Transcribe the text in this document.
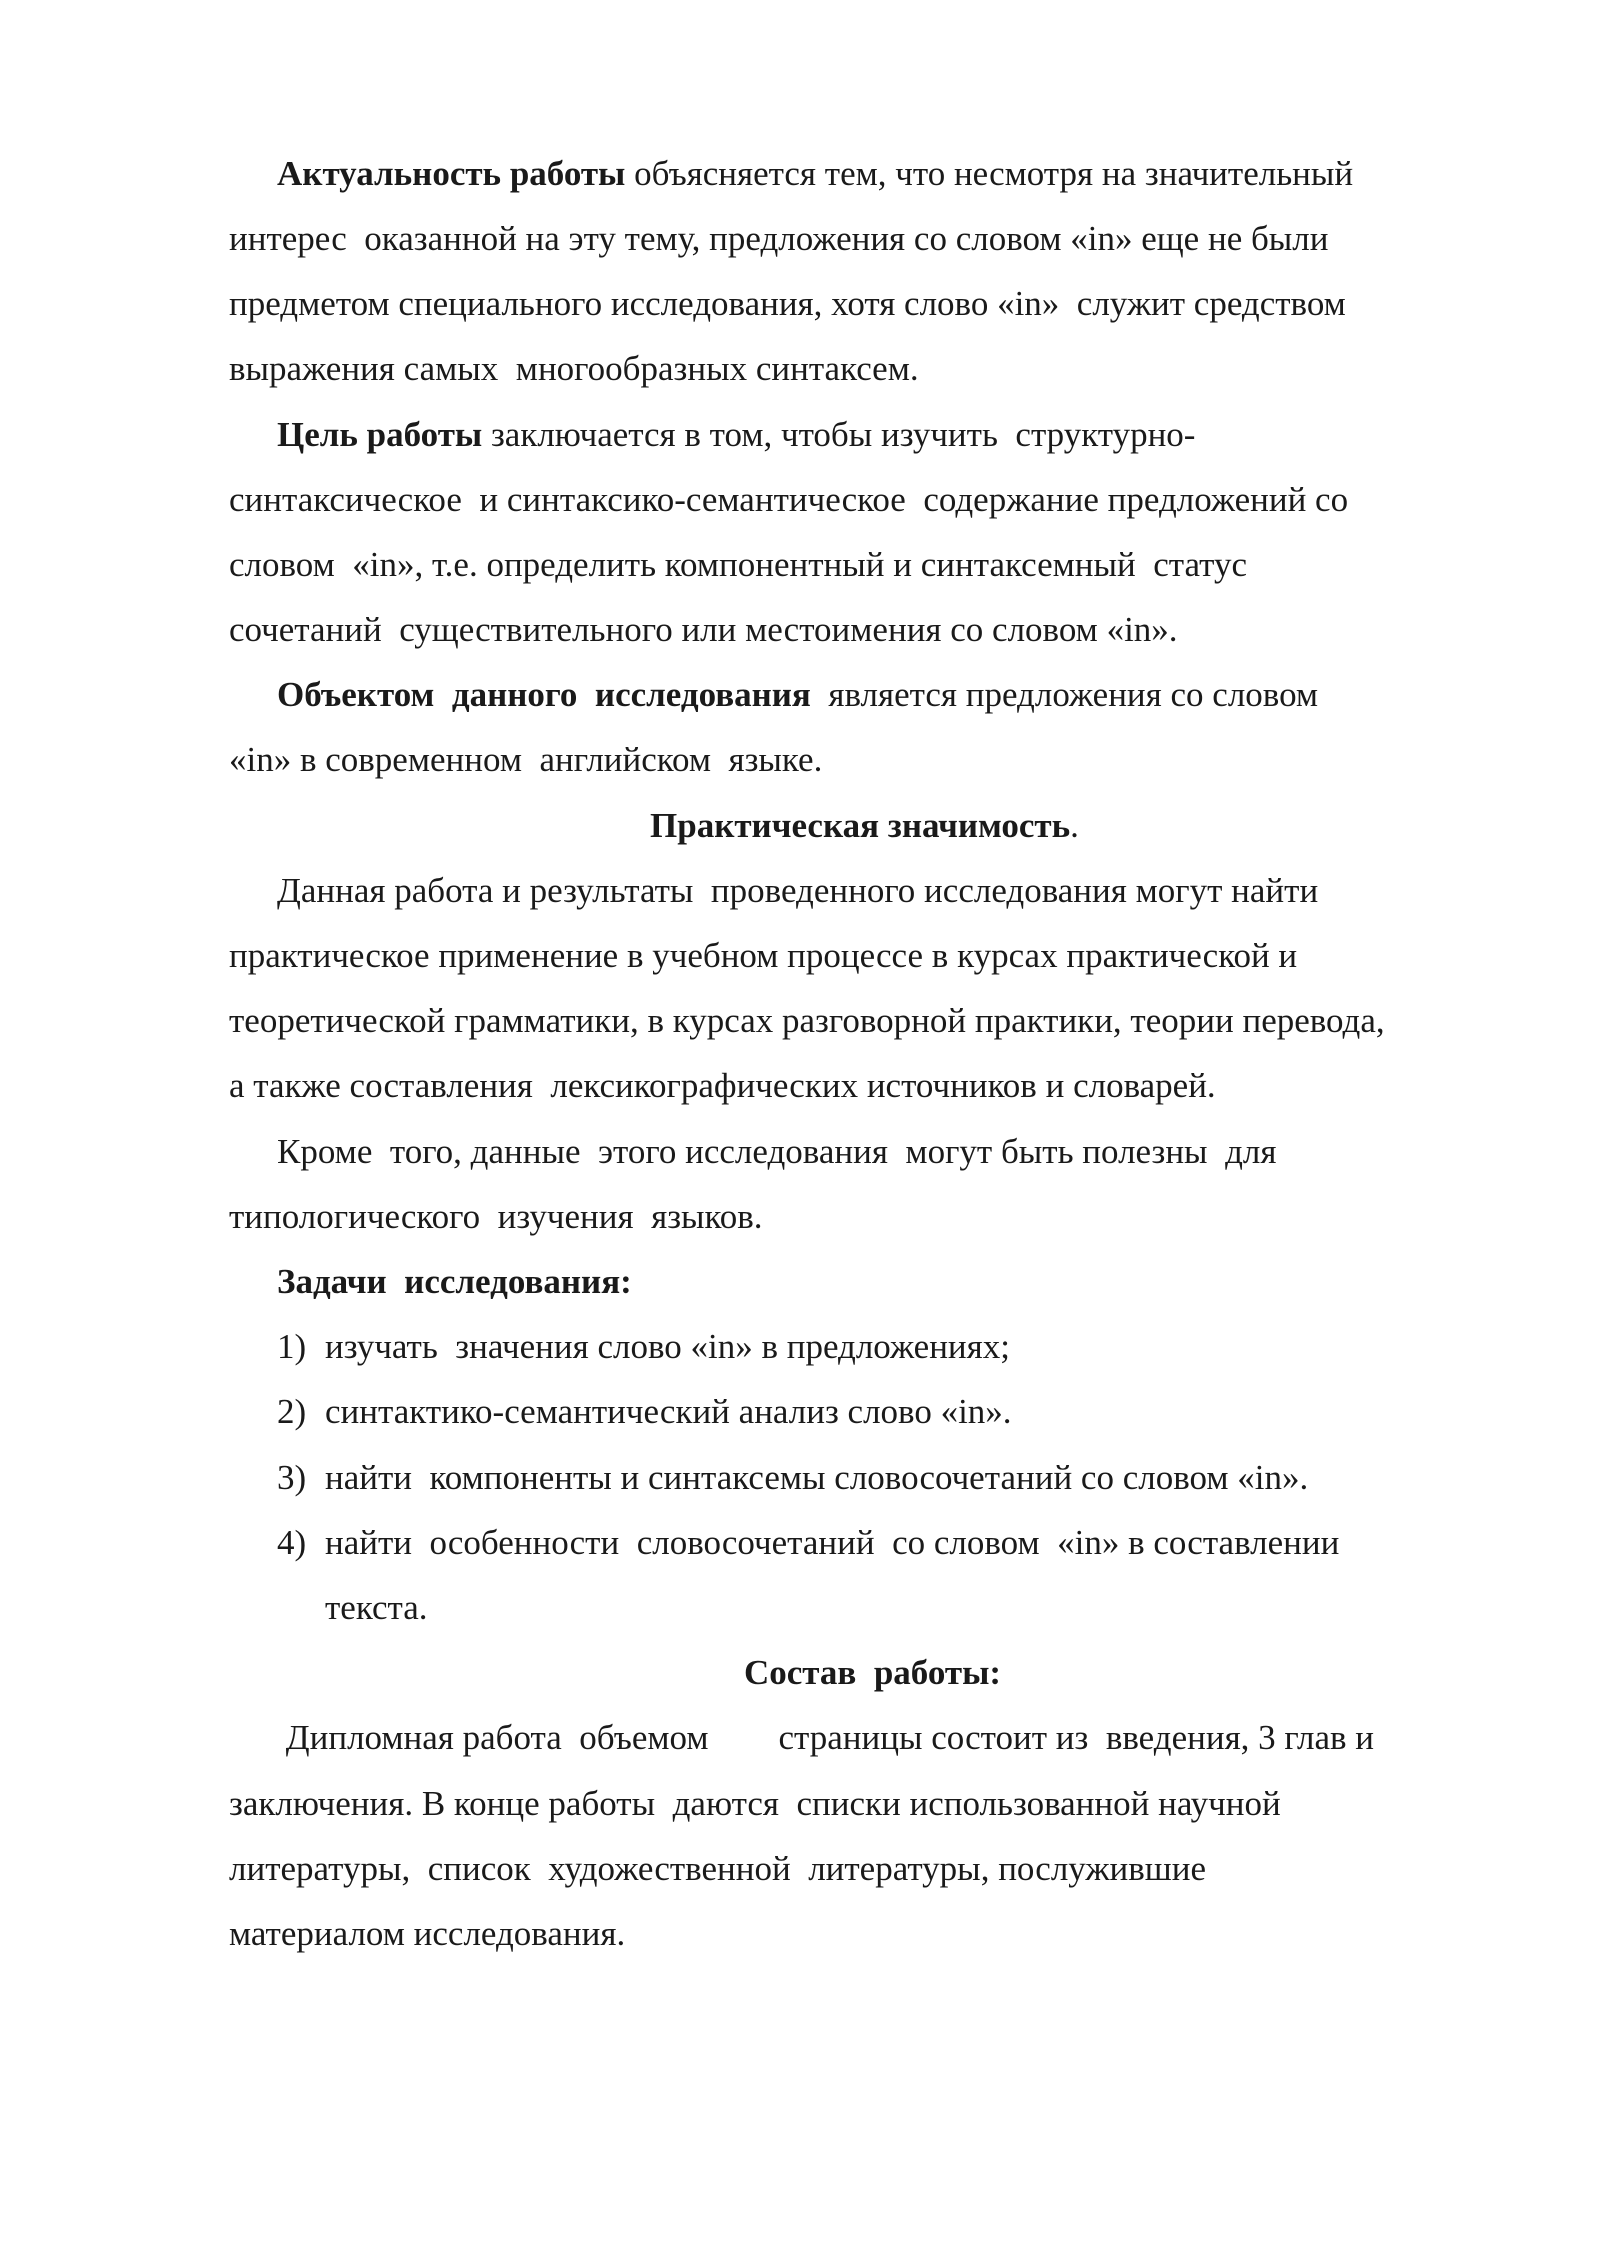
Актуальность работы объясняется тем, что несмотря на значительный

интерес  оказанной на эту тему, предложения со словом «in» еще не были

предметом специального исследования, хотя слово «in»  служит средством

выражения самых  многообразных синтаксем.

Цель работы заключается в том, чтобы изучить  структурно-

синтаксическое  и синтаксико-семантическое  содержание предложений со

словом  «in», т.е. определить компонентный и синтаксемный  статус

сочетаний  существительного или местоимения со словом «in».

Объектом  данного  исследования  является предложения со словом

«in» в современном  английском  языке.

Практическая значимость.

Данная работа и результаты  проведенного исследования могут найти

практическое применение в учебном процессе в курсах практической и

теоретической грамматики, в курсах разговорной практики, теории перевода,

а также составления  лексикографических источников и словарей.

Кроме  того, данные  этого исследования  могут быть полезны  для

типологического  изучения  языков.

Задачи  исследования:

1) изучать  значения слово «in» в предложениях;

2) синтактико-семантический анализ слово «in».

3) найти  компоненты и синтаксемы словосочетаний со словом «in».

4) найти  особенности  словосочетаний  со словом  «in» в составлении

текста.

Состав  работы:

Дипломная работа  объемом        страницы состоит из  введения, 3 глав и

заключения. В конце работы  даются  списки использованной научной

литературы,  список  художественной  литературы, послужившие

материалом исследования.
